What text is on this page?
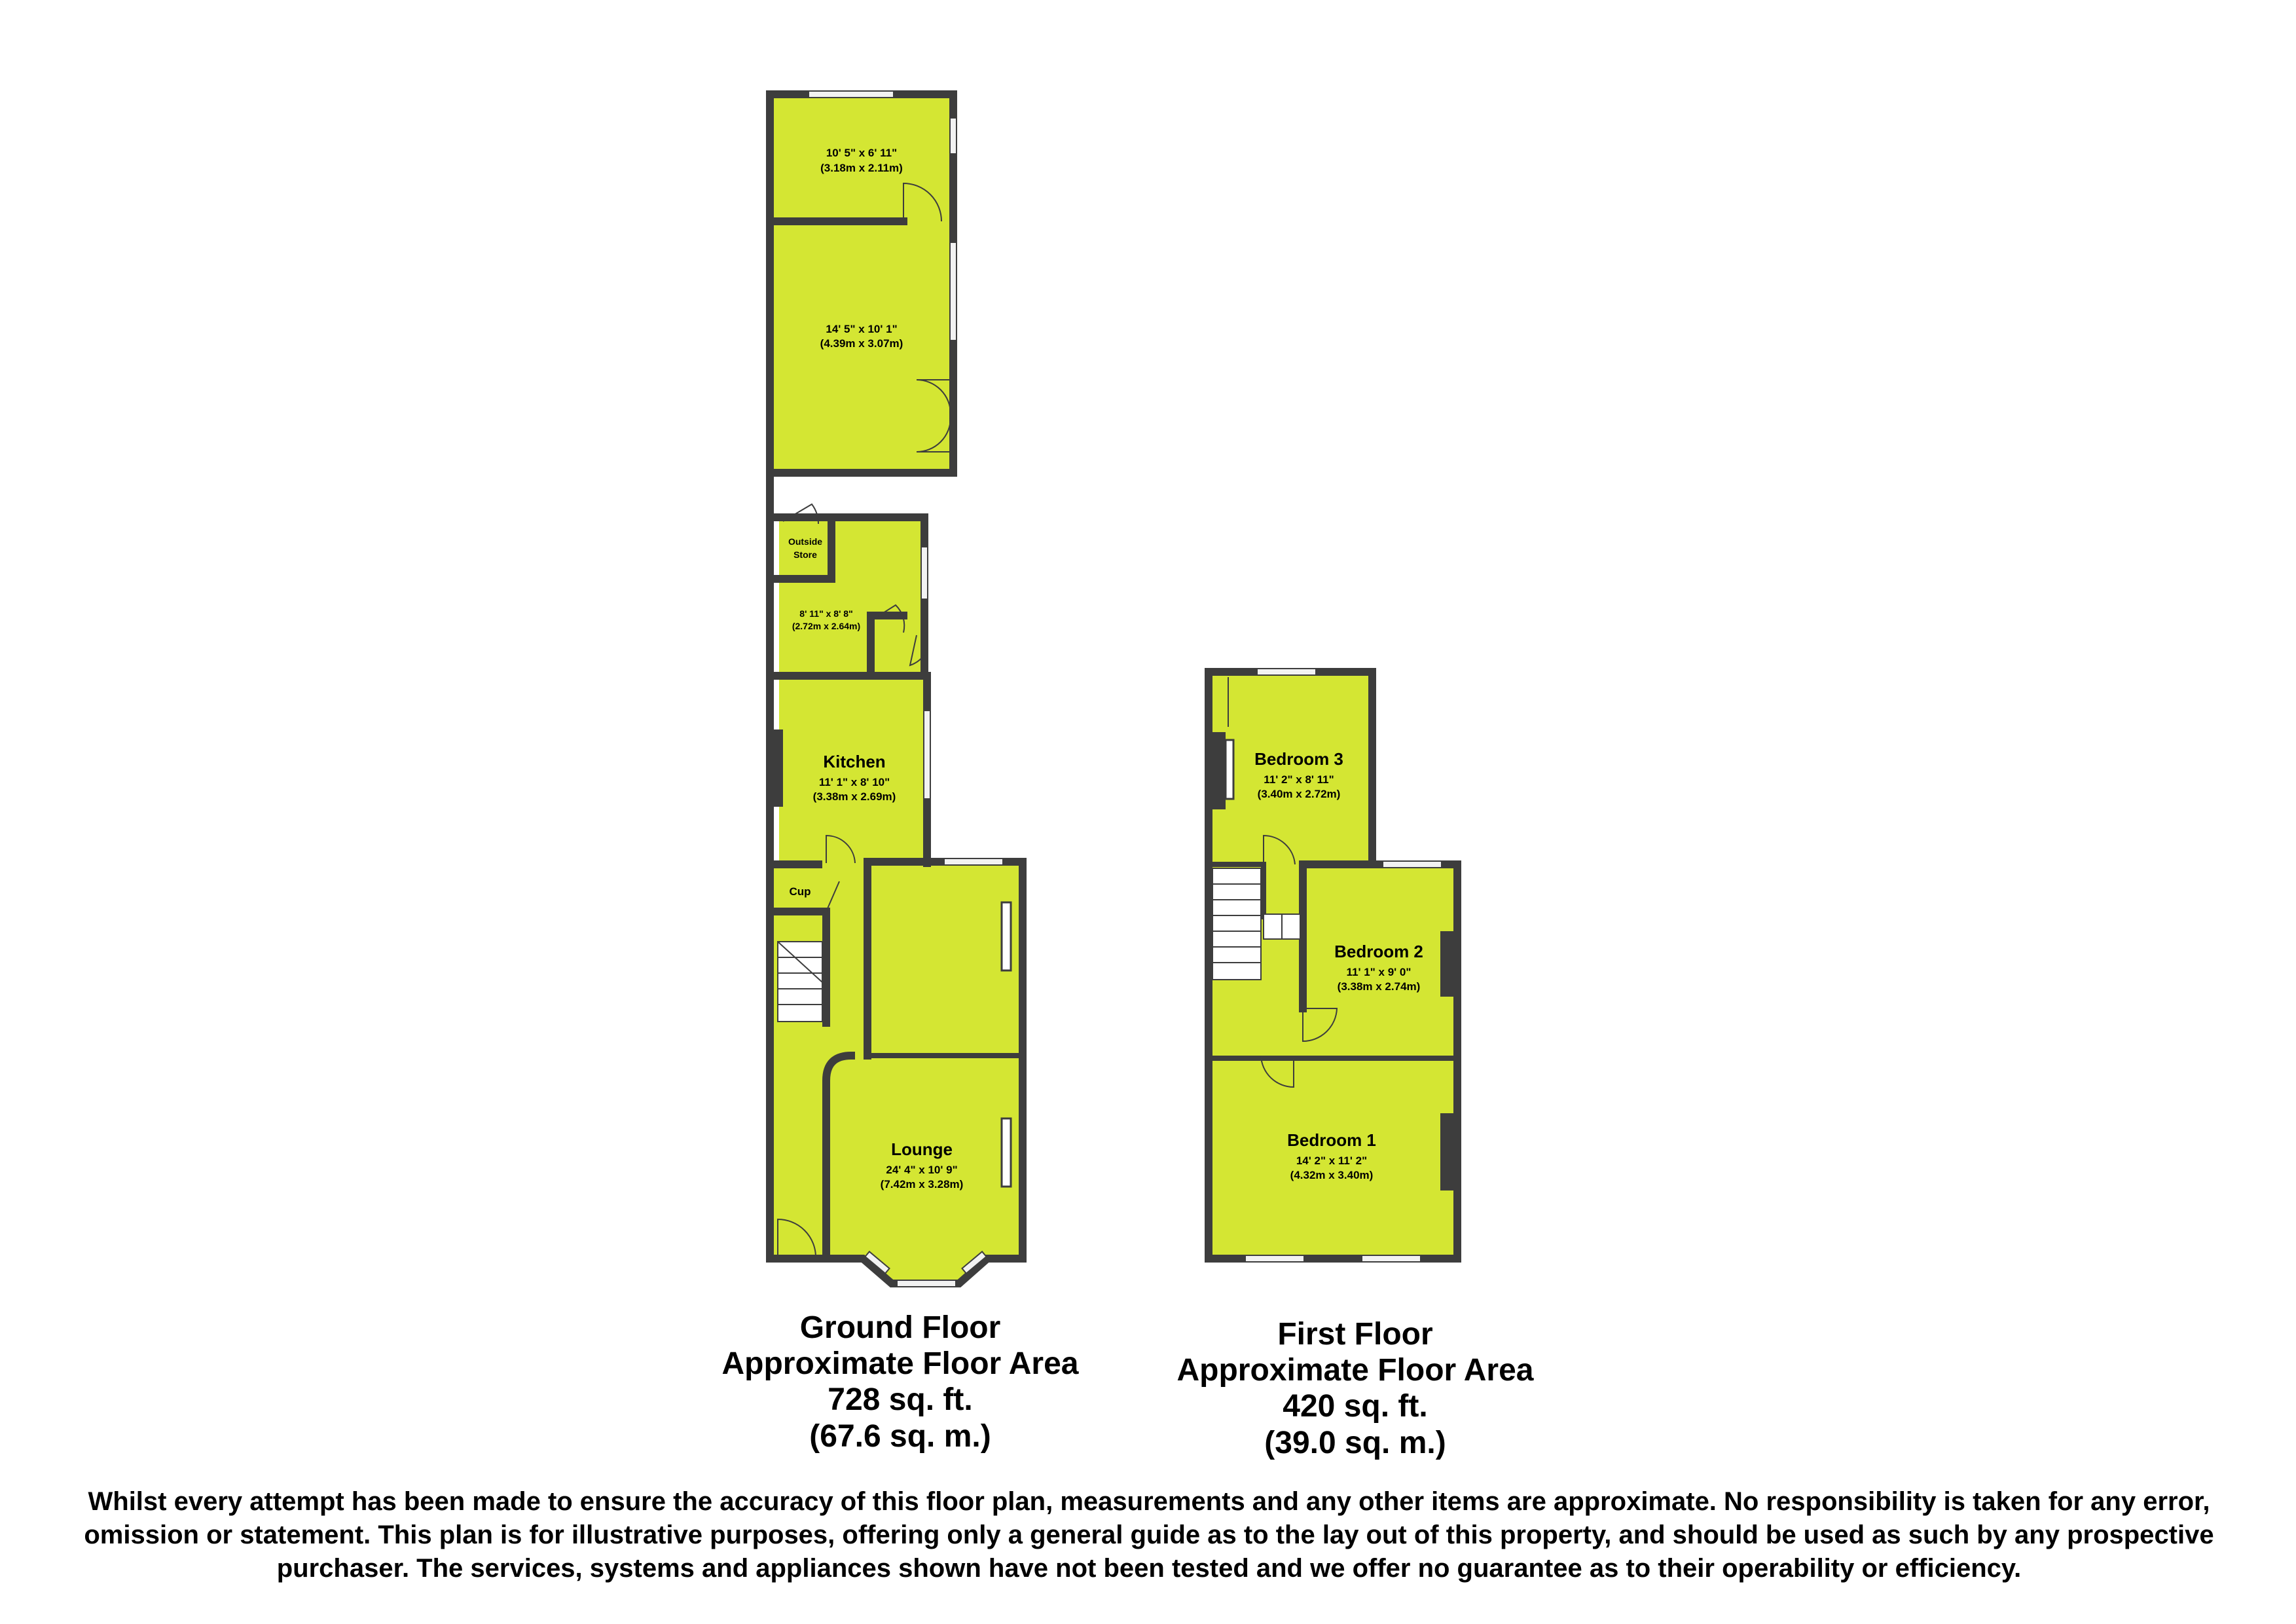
10' 5" x 6' 11"
(3.18m x 2.11m)
14' 5" x 10' 1"
(4.39m x 3.07m)
Outside
Store
8' 11" x 8' 8"
(2.72m x 2.64m)
Kitchen
11' 1" x 8' 10"
(3.38m x 2.69m)
Cup
Lounge
24' 4" x 10' 9"
(7.42m x 3.28m)
Bedroom 3
11' 2" x 8' 11"
(3.40m x 2.72m)
Bedroom 2
11' 1" x 9' 0"
(3.38m x 2.74m)
Bedroom 1
14' 2" x 11' 2"
(4.32m x 3.40m)
Ground Floor
Approximate Floor Area
728 sq. ft.
(67.6 sq. m.)
First Floor
Approximate Floor Area
420 sq. ft.
(39.0 sq. m.)
Whilst every attempt has been made to ensure the accuracy of this floor plan, measurements and any other items are approximate. No responsibility is taken for any error, omission or statement. This plan is for illustrative purposes, offering only a general guide as to the lay out of this property, and should be used as such by any prospective purchaser. The services, systems and appliances shown have not been tested and we offer no guarantee as to their operability or efficiency.
